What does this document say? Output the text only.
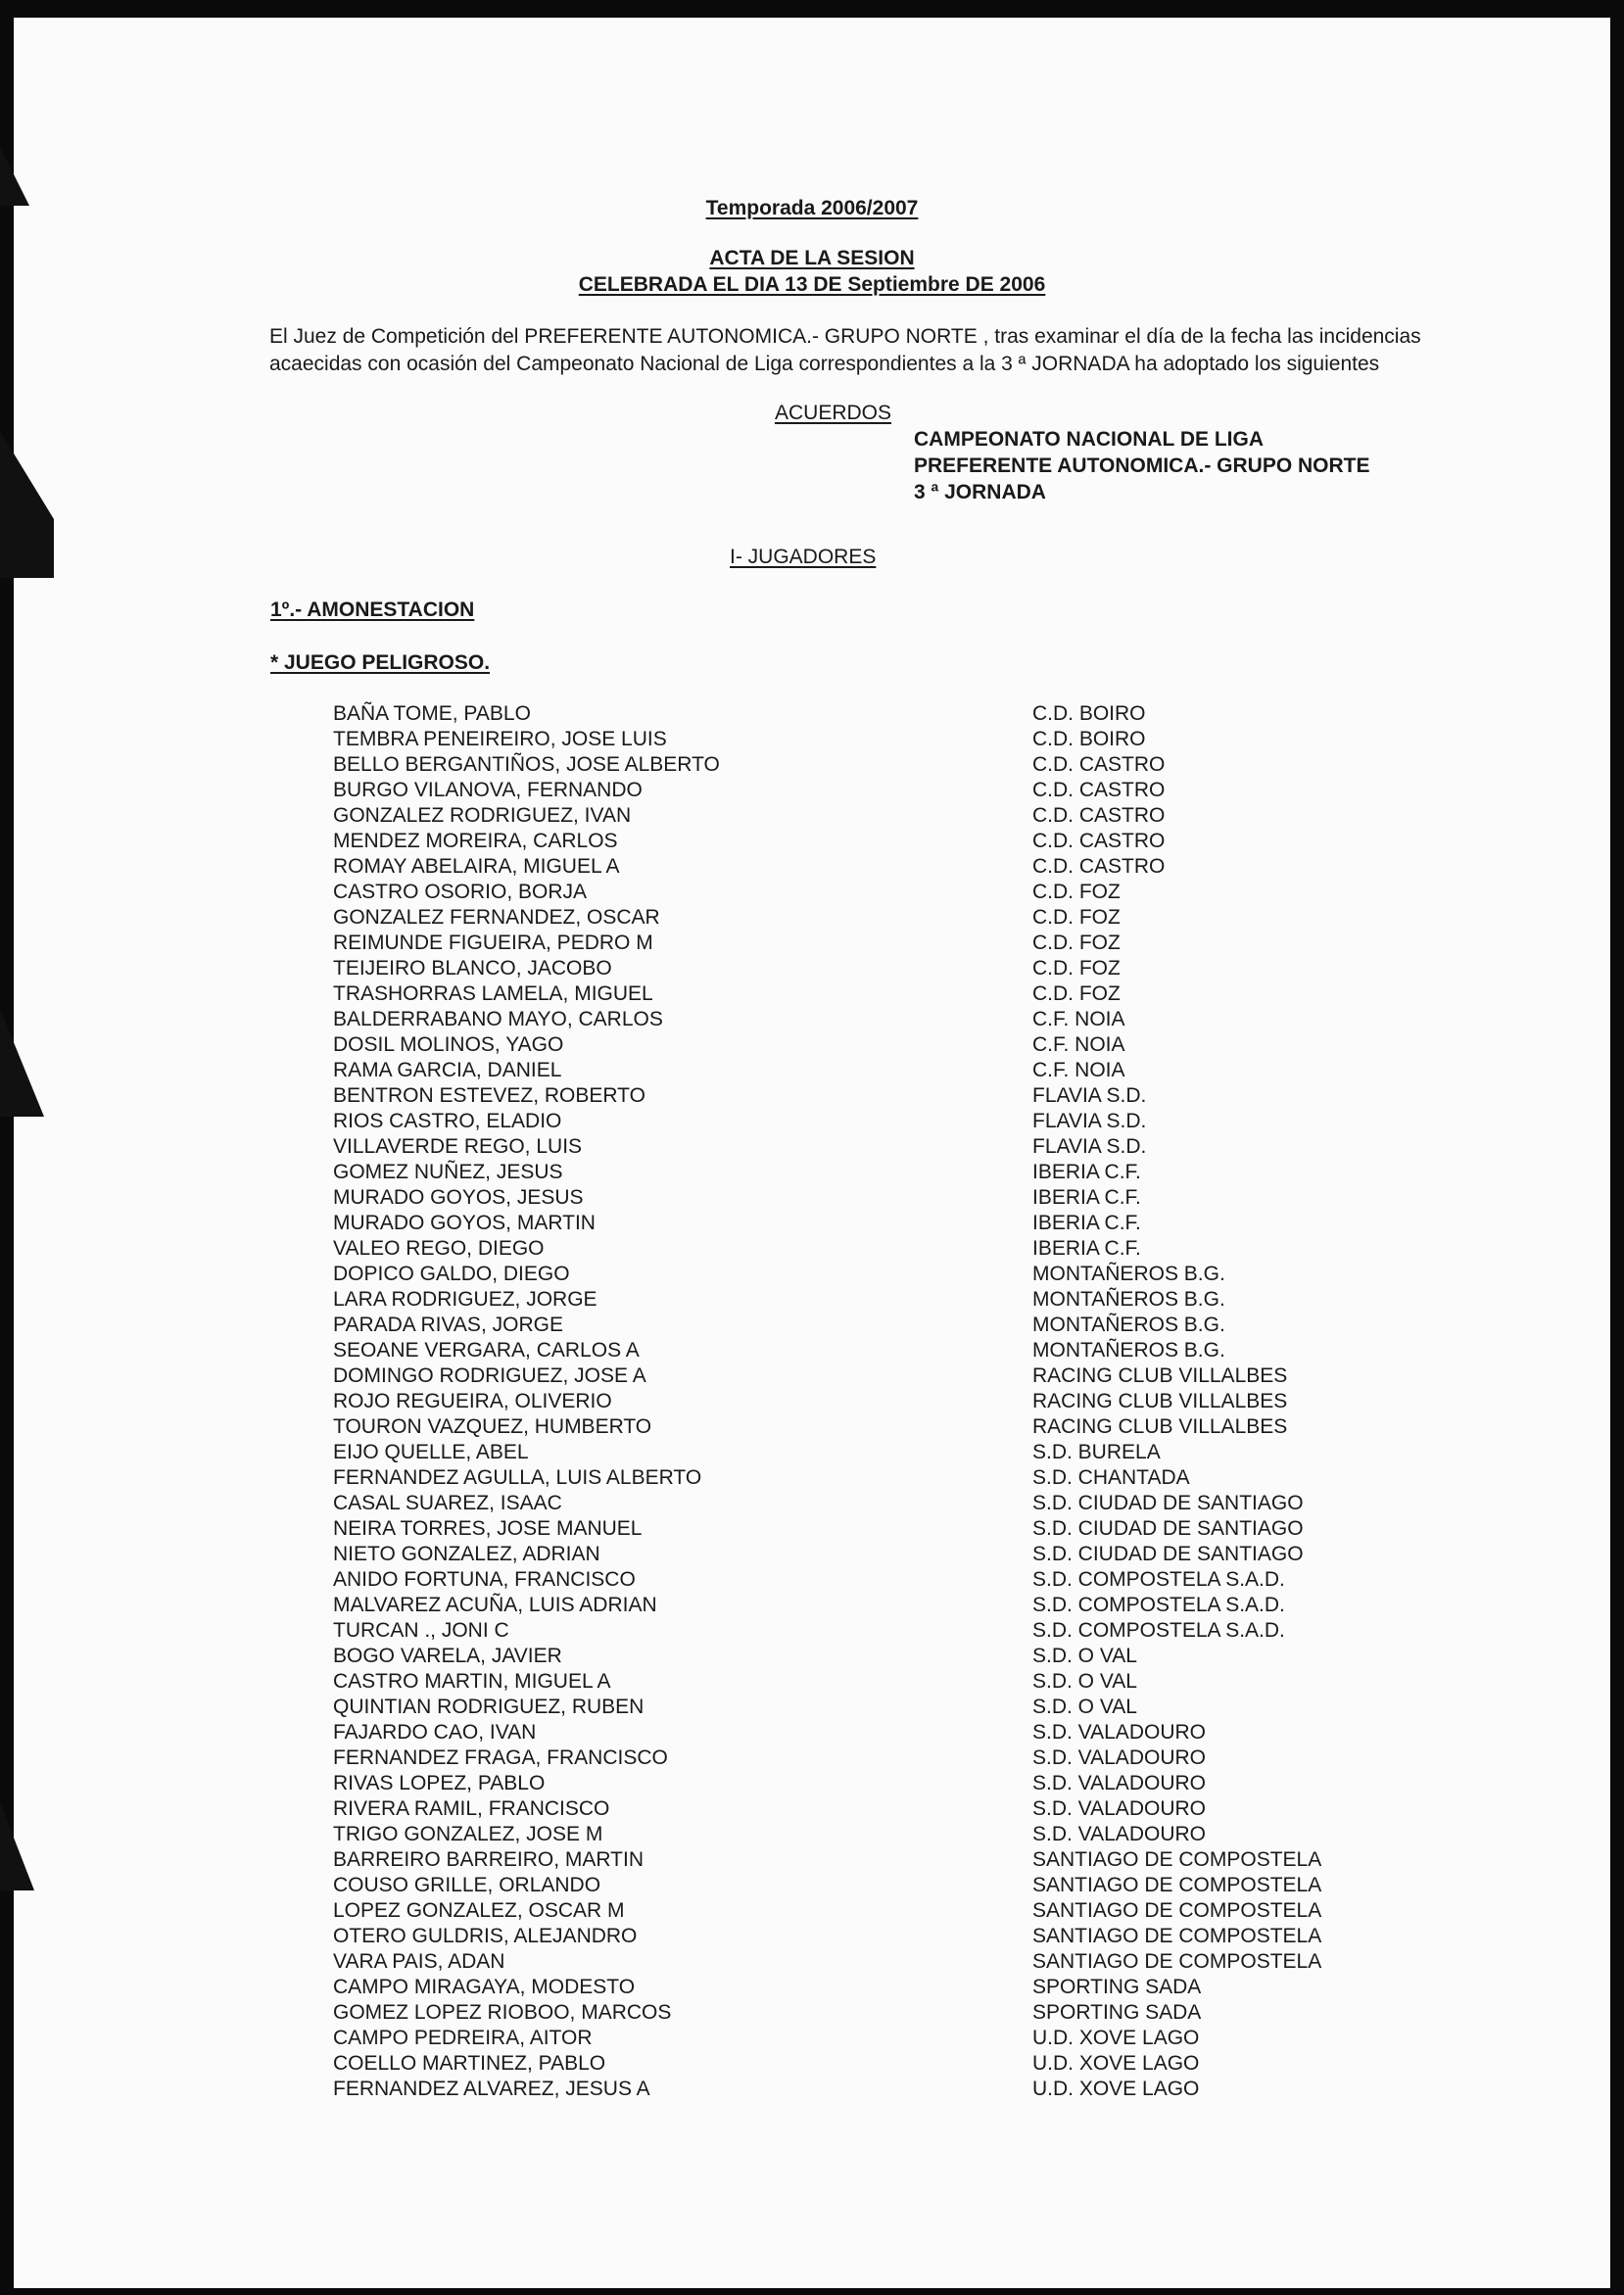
Temporada 2006/2007
ACTA DE LA SESION
CELEBRADA EL DIA 13 DE Septiembre DE 2006
El Juez de Competición del PREFERENTE AUTONOMICA.- GRUPO NORTE , tras examinar el día de la fecha las incidencias
acaecidas con ocasión del Campeonato Nacional de Liga correspondientes a la 3 ª JORNADA ha adoptado los siguientes
ACUERDOS
CAMPEONATO NACIONAL DE LIGA
PREFERENTE AUTONOMICA.- GRUPO NORTE
3 ª JORNADA
I- JUGADORES
1º.- AMONESTACION
* JUEGO PELIGROSO.
BAÑA TOME, PABLO	C.D. BOIRO
TEMBRA PENEIREIRO, JOSE LUIS	C.D. BOIRO
BELLO BERGANTIÑOS, JOSE ALBERTO	C.D. CASTRO
BURGO VILANOVA, FERNANDO	C.D. CASTRO
GONZALEZ RODRIGUEZ, IVAN	C.D. CASTRO
MENDEZ MOREIRA, CARLOS	C.D. CASTRO
ROMAY ABELAIRA, MIGUEL A	C.D. CASTRO
CASTRO OSORIO, BORJA	C.D. FOZ
GONZALEZ FERNANDEZ, OSCAR	C.D. FOZ
REIMUNDE FIGUEIRA, PEDRO M	C.D. FOZ
TEIJEIRO BLANCO, JACOBO	C.D. FOZ
TRASHORRAS LAMELA, MIGUEL	C.D. FOZ
BALDERRABANO MAYO, CARLOS	C.F. NOIA
DOSIL MOLINOS, YAGO	C.F. NOIA
RAMA GARCIA, DANIEL	C.F. NOIA
BENTRON ESTEVEZ, ROBERTO	FLAVIA S.D.
RIOS CASTRO, ELADIO	FLAVIA S.D.
VILLAVERDE REGO, LUIS	FLAVIA S.D.
GOMEZ NUÑEZ, JESUS	IBERIA C.F.
MURADO GOYOS, JESUS	IBERIA C.F.
MURADO GOYOS, MARTIN	IBERIA C.F.
VALEO REGO, DIEGO	IBERIA C.F.
DOPICO GALDO, DIEGO	MONTAÑEROS B.G.
LARA RODRIGUEZ, JORGE	MONTAÑEROS B.G.
PARADA RIVAS, JORGE	MONTAÑEROS B.G.
SEOANE VERGARA, CARLOS A	MONTAÑEROS B.G.
DOMINGO RODRIGUEZ, JOSE A	RACING CLUB VILLALBES
ROJO REGUEIRA, OLIVERIO	RACING CLUB VILLALBES
TOURON VAZQUEZ, HUMBERTO	RACING CLUB VILLALBES
EIJO QUELLE, ABEL	S.D. BURELA
FERNANDEZ AGULLA, LUIS ALBERTO	S.D. CHANTADA
CASAL SUAREZ, ISAAC	S.D. CIUDAD DE SANTIAGO
NEIRA TORRES, JOSE MANUEL	S.D. CIUDAD DE SANTIAGO
NIETO GONZALEZ, ADRIAN	S.D. CIUDAD DE SANTIAGO
ANIDO FORTUNA, FRANCISCO	S.D. COMPOSTELA S.A.D.
MALVAREZ ACUÑA, LUIS ADRIAN	S.D. COMPOSTELA S.A.D.
TURCAN ., JONI C	S.D. COMPOSTELA S.A.D.
BOGO VARELA, JAVIER	S.D. O VAL
CASTRO MARTIN, MIGUEL A	S.D. O VAL
QUINTIAN RODRIGUEZ, RUBEN	S.D. O VAL
FAJARDO CAO, IVAN	S.D. VALADOURO
FERNANDEZ FRAGA, FRANCISCO	S.D. VALADOURO
RIVAS LOPEZ, PABLO	S.D. VALADOURO
RIVERA RAMIL, FRANCISCO	S.D. VALADOURO
TRIGO GONZALEZ, JOSE M	S.D. VALADOURO
BARREIRO BARREIRO, MARTIN	SANTIAGO DE COMPOSTELA
COUSO GRILLE, ORLANDO	SANTIAGO DE COMPOSTELA
LOPEZ GONZALEZ, OSCAR M	SANTIAGO DE COMPOSTELA
OTERO GULDRIS, ALEJANDRO	SANTIAGO DE COMPOSTELA
VARA PAIS, ADAN	SANTIAGO DE COMPOSTELA
CAMPO MIRAGAYA, MODESTO	SPORTING SADA
GOMEZ LOPEZ RIOBOO, MARCOS	SPORTING SADA
CAMPO PEDREIRA, AITOR	U.D. XOVE LAGO
COELLO MARTINEZ, PABLO	U.D. XOVE LAGO
FERNANDEZ ALVAREZ, JESUS A	U.D. XOVE LAGO
